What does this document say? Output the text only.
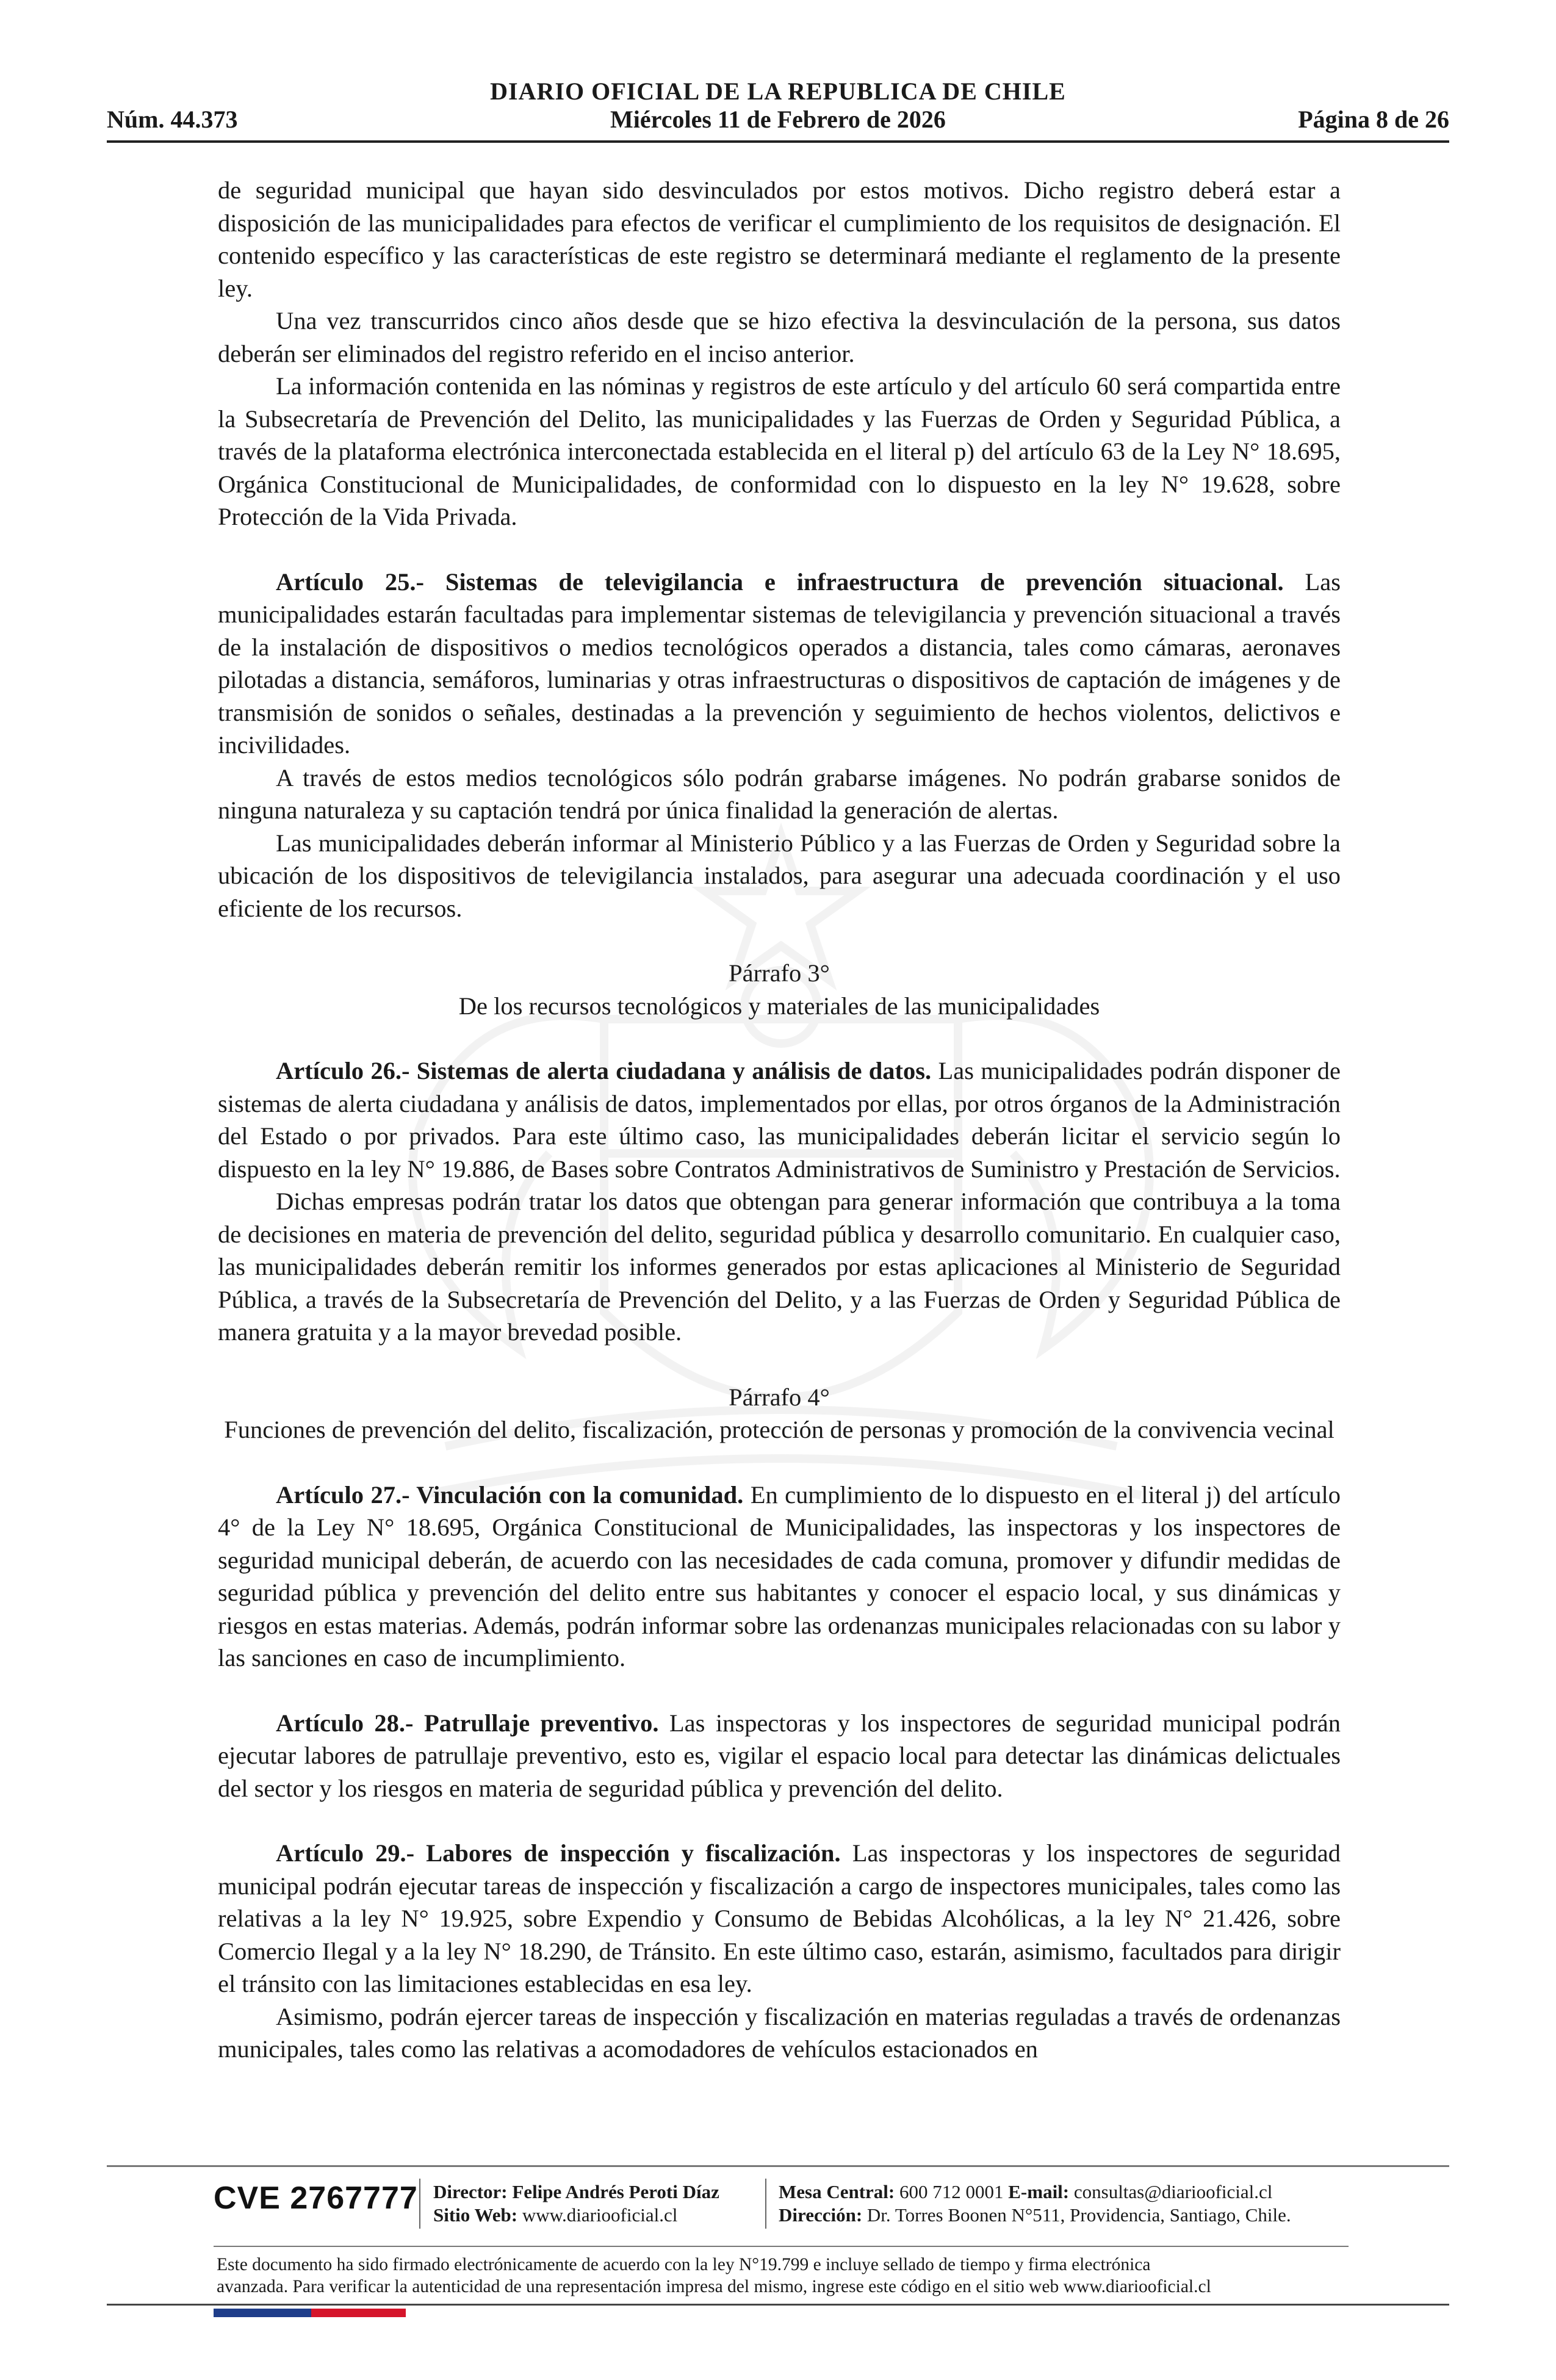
DIARIO OFICIAL DE LA REPUBLICA DE CHILE
Núm. 44.373	Miércoles 11 de Febrero de 2026	Página 8 de 26

de seguridad municipal que hayan sido desvinculados por estos motivos. Dicho registro deberá estar a disposición de las municipalidades para efectos de verificar el cumplimiento de los requisitos de designación. El contenido específico y las características de este registro se determinará mediante el reglamento de la presente ley.

Una vez transcurridos cinco años desde que se hizo efectiva la desvinculación de la persona, sus datos deberán ser eliminados del registro referido en el inciso anterior.

La información contenida en las nóminas y registros de este artículo y del artículo 60 será compartida entre la Subsecretaría de Prevención del Delito, las municipalidades y las Fuerzas de Orden y Seguridad Pública, a través de la plataforma electrónica interconectada establecida en el literal p) del artículo 63 de la Ley N° 18.695, Orgánica Constitucional de Municipalidades, de conformidad con lo dispuesto en la ley N° 19.628, sobre Protección de la Vida Privada.

Artículo 25.- Sistemas de televigilancia e infraestructura de prevención situacional. Las municipalidades estarán facultadas para implementar sistemas de televigilancia y prevención situacional a través de la instalación de dispositivos o medios tecnológicos operados a distancia, tales como cámaras, aeronaves pilotadas a distancia, semáforos, luminarias y otras infraestructuras o dispositivos de captación de imágenes y de transmisión de sonidos o señales, destinadas a la prevención y seguimiento de hechos violentos, delictivos e incivilidades.

A través de estos medios tecnológicos sólo podrán grabarse imágenes. No podrán grabarse sonidos de ninguna naturaleza y su captación tendrá por única finalidad la generación de alertas.

Las municipalidades deberán informar al Ministerio Público y a las Fuerzas de Orden y Seguridad sobre la ubicación de los dispositivos de televigilancia instalados, para asegurar una adecuada coordinación y el uso eficiente de los recursos.

Párrafo 3°

De los recursos tecnológicos y materiales de las municipalidades

Artículo 26.- Sistemas de alerta ciudadana y análisis de datos. Las municipalidades podrán disponer de sistemas de alerta ciudadana y análisis de datos, implementados por ellas, por otros órganos de la Administración del Estado o por privados. Para este último caso, las municipalidades deberán licitar el servicio según lo dispuesto en la ley N° 19.886, de Bases sobre Contratos Administrativos de Suministro y Prestación de Servicios.

Dichas empresas podrán tratar los datos que obtengan para generar información que contribuya a la toma de decisiones en materia de prevención del delito, seguridad pública y desarrollo comunitario. En cualquier caso, las municipalidades deberán remitir los informes generados por estas aplicaciones al Ministerio de Seguridad Pública, a través de la Subsecretaría de Prevención del Delito, y a las Fuerzas de Orden y Seguridad Pública de manera gratuita y a la mayor brevedad posible.

Párrafo 4°

Funciones de prevención del delito, fiscalización, protección de personas y promoción de la convivencia vecinal

Artículo 27.- Vinculación con la comunidad. En cumplimiento de lo dispuesto en el literal j) del artículo 4° de la Ley N° 18.695, Orgánica Constitucional de Municipalidades, las inspectoras y los inspectores de seguridad municipal deberán, de acuerdo con las necesidades de cada comuna, promover y difundir medidas de seguridad pública y prevención del delito entre sus habitantes y conocer el espacio local, y sus dinámicas y riesgos en estas materias. Además, podrán informar sobre las ordenanzas municipales relacionadas con su labor y las sanciones en caso de incumplimiento.

Artículo 28.- Patrullaje preventivo. Las inspectoras y los inspectores de seguridad municipal podrán ejecutar labores de patrullaje preventivo, esto es, vigilar el espacio local para detectar las dinámicas delictuales del sector y los riesgos en materia de seguridad pública y prevención del delito.

Artículo 29.- Labores de inspección y fiscalización. Las inspectoras y los inspectores de seguridad municipal podrán ejecutar tareas de inspección y fiscalización a cargo de inspectores municipales, tales como las relativas a la ley N° 19.925, sobre Expendio y Consumo de Bebidas Alcohólicas, a la ley N° 21.426, sobre Comercio Ilegal y a la ley N° 18.290, de Tránsito. En este último caso, estarán, asimismo, facultados para dirigir el tránsito con las limitaciones establecidas en esa ley.

Asimismo, podrán ejercer tareas de inspección y fiscalización en materias reguladas a través de ordenanzas municipales, tales como las relativas a acomodadores de vehículos estacionados en

CVE 2767777 Director: Felipe Andrés Peroti Díaz
Sitio Web: www.diariooficial.cl
Mesa Central: 600 712 0001 E-mail: consultas@diariooficial.cl
Dirección: Dr. Torres Boonen N°511, Providencia, Santiago, Chile.
Este documento ha sido firmado electrónicamente de acuerdo con la ley N°19.799 e incluye sellado de tiempo y firma electrónica
avanzada. Para verificar la autenticidad de una representación impresa del mismo, ingrese este código en el sitio web www.diariooficial.cl
